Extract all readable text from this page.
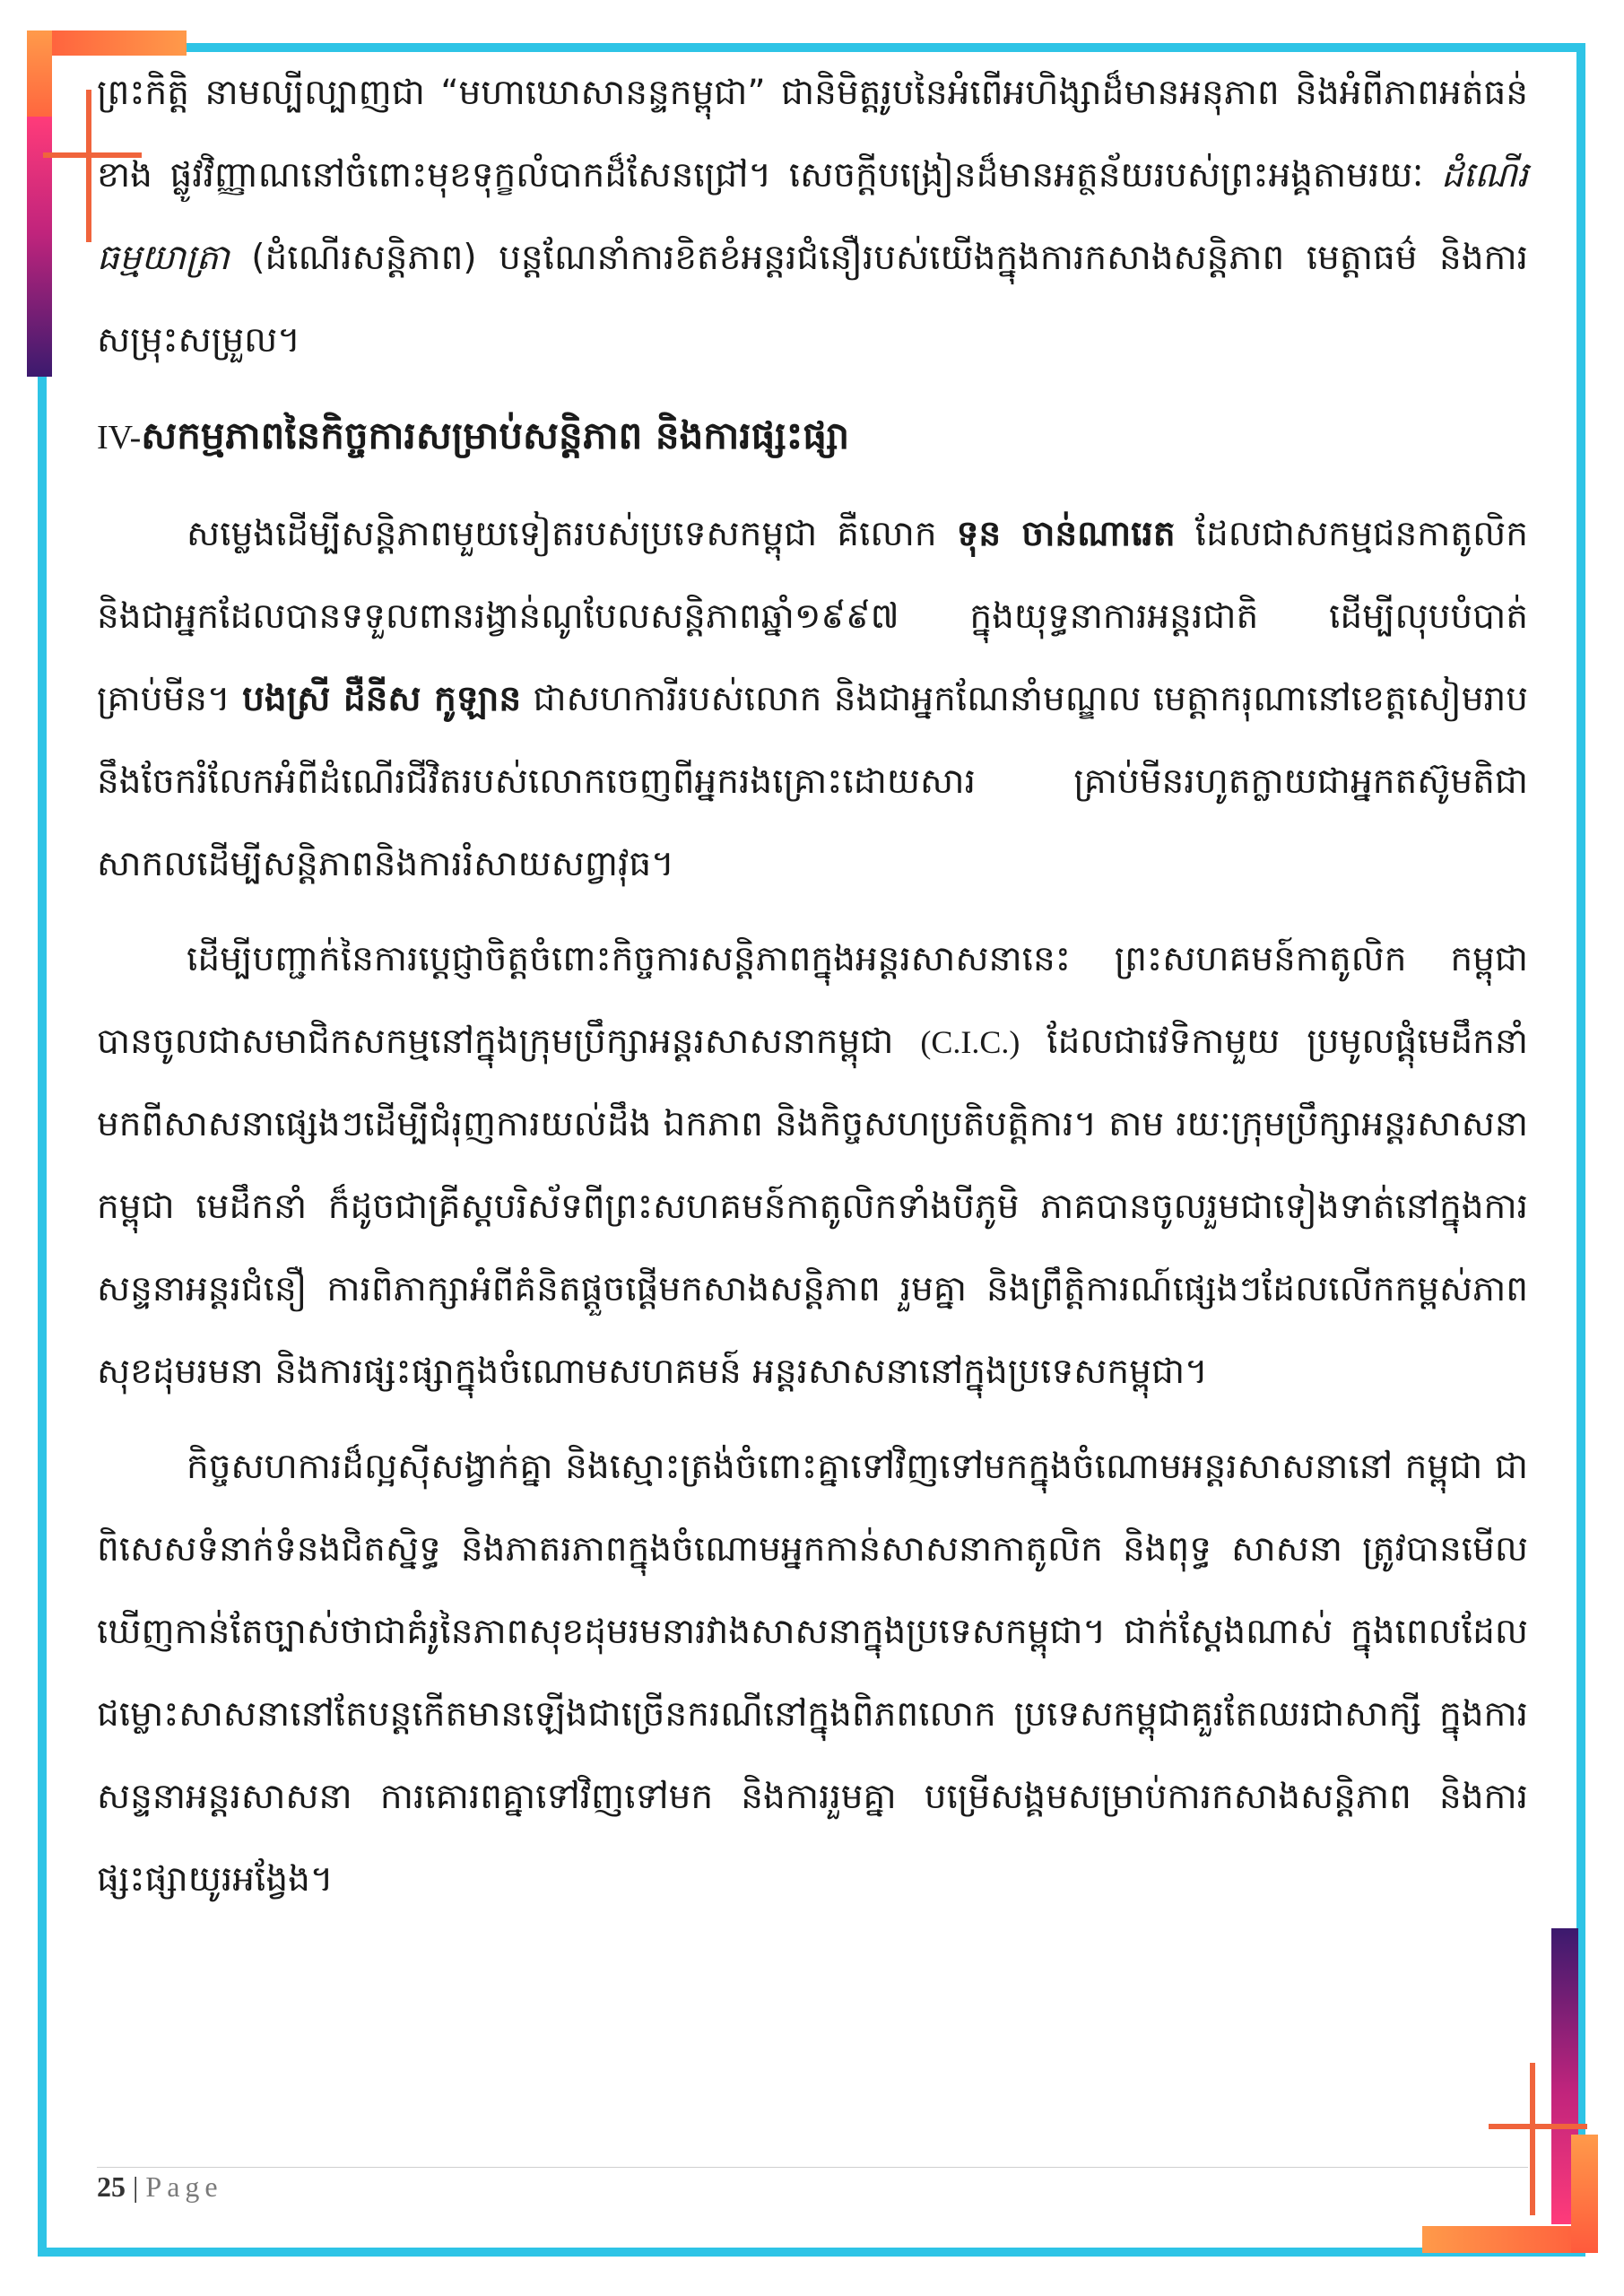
ព្រះកិត្តិ នាមល្បីល្បាញជា “មហាឃោសានន្ទកម្ពុជា” ជានិមិត្តរូបនៃអំពើអហិង្សាដ៏មានអនុភាព និងអំពីភាពអត់ធន់ខាង ផ្លូវវិញ្ញាណនៅចំពោះមុខទុក្ខលំបាកដ៏សែនជ្រៅ។ សេចក្តីបង្រៀនដ៏មានអត្ថន័យរបស់ព្រះអង្គតាមរយៈ ដំណើរធម្មយាត្រា (ដំណើរសន្តិភាព) បន្តណែនាំការខិតខំអន្តរជំនឿរបស់យើងក្នុងការកសាងសន្តិភាព មេត្តាធម៌ និងការសម្រុះសម្រួល។

IV-សកម្មភាពនៃកិច្ចការសម្រាប់សន្តិភាព និងការផ្សះផ្សា

សម្លេងដើម្បីសន្តិភាពមួយទៀតរបស់ប្រទេសកម្ពុជា គឺលោក ទុន ចាន់ណារេត ដែលជាសកម្មជនកាតូលិក និងជាអ្នកដែលបានទទួលពានរង្វាន់ណូបែលសន្តិភាពឆ្នាំ១៩៩៧ ក្នុងយុទ្ធនាការអន្តរជាតិ ដើម្បីលុបបំបាត់គ្រាប់មីន។ បងស្រី ដឺនីស កូឡាន ជាសហការីរបស់លោក និងជាអ្នកណែនាំមណ្ឌល មេត្តាករុណានៅខេត្តសៀមរាប នឹងចែករំលែកអំពីដំណើរជីវិតរបស់លោកចេញពីអ្នករងគ្រោះដោយសារ គ្រាប់មីនរហូតក្លាយជាអ្នកតស៊ូមតិជាសាកលដើម្បីសន្តិភាពនិងការរំសាយសព្វាវុធ។

ដើម្បីបញ្ជាក់នៃការប្តេជ្ញាចិត្តចំពោះកិច្ចការសន្តិភាពក្នុងអន្តរសាសនានេះ ព្រះសហគមន៍កាតូលិក កម្ពុជា បានចូលជាសមាជិកសកម្មនៅក្នុងក្រុមប្រឹក្សាអន្តរសាសនាកម្ពុជា (C.I.C.) ដែលជាវេទិកាមួយ ប្រមូលផ្តុំមេដឹកនាំមកពីសាសនាផ្សេងៗដើម្បីជំរុញការយល់ដឹង ឯកភាព និងកិច្ចសហប្រតិបត្តិការ។ តាម រយៈក្រុមប្រឹក្សាអន្តរសាសនាកម្ពុជា មេដឹកនាំ ក៏ដូចជាគ្រីស្តបរិស័ទពីព្រះសហគមន៍កាតូលិកទាំងបីភូមិ ភាគបានចូលរួមជាទៀងទាត់នៅក្នុងការសន្ទនាអន្តរជំនឿ ការពិភាក្សាអំពីគំនិតផ្តួចផ្តើមកសាងសន្តិភាព រួមគ្នា និងព្រឹត្តិការណ៍ផ្សេងៗដែលលើកកម្ពស់ភាពសុខដុមរមនា និងការផ្សះផ្សាក្នុងចំណោមសហគមន៍ អន្តរសាសនានៅក្នុងប្រទេសកម្ពុជា។

កិច្ចសហការដ៏ល្អស៊ីសង្វាក់គ្នា និងស្មោះត្រង់ចំពោះគ្នាទៅវិញទៅមកក្នុងចំណោមអន្តរសាសនានៅ កម្ពុជា ជាពិសេសទំនាក់ទំនងជិតស្និទ្ធ និងភាតរភាពក្នុងចំណោមអ្នកកាន់សាសនាកាតូលិក និងពុទ្ធ សាសនា ត្រូវបានមើលឃើញកាន់តែច្បាស់ថាជាគំរូនៃភាពសុខដុមរមនារវាងសាសនាក្នុងប្រទេសកម្ពុជា។ ជាក់ស្តែងណាស់ ក្នុងពេលដែលជម្លោះសាសនានៅតែបន្តកើតមានឡើងជាច្រើនករណីនៅក្នុងពិភពលោក ប្រទេសកម្ពុជាគួរតែឈរជាសាក្សី ក្នុងការសន្ទនាអន្តរសាសនា ការគោរពគ្នាទៅវិញទៅមក និងការរួមគ្នា បម្រើសង្គមសម្រាប់ការកសាងសន្តិភាព និងការផ្សះផ្សាយូរអង្វែង។

25 | Page
